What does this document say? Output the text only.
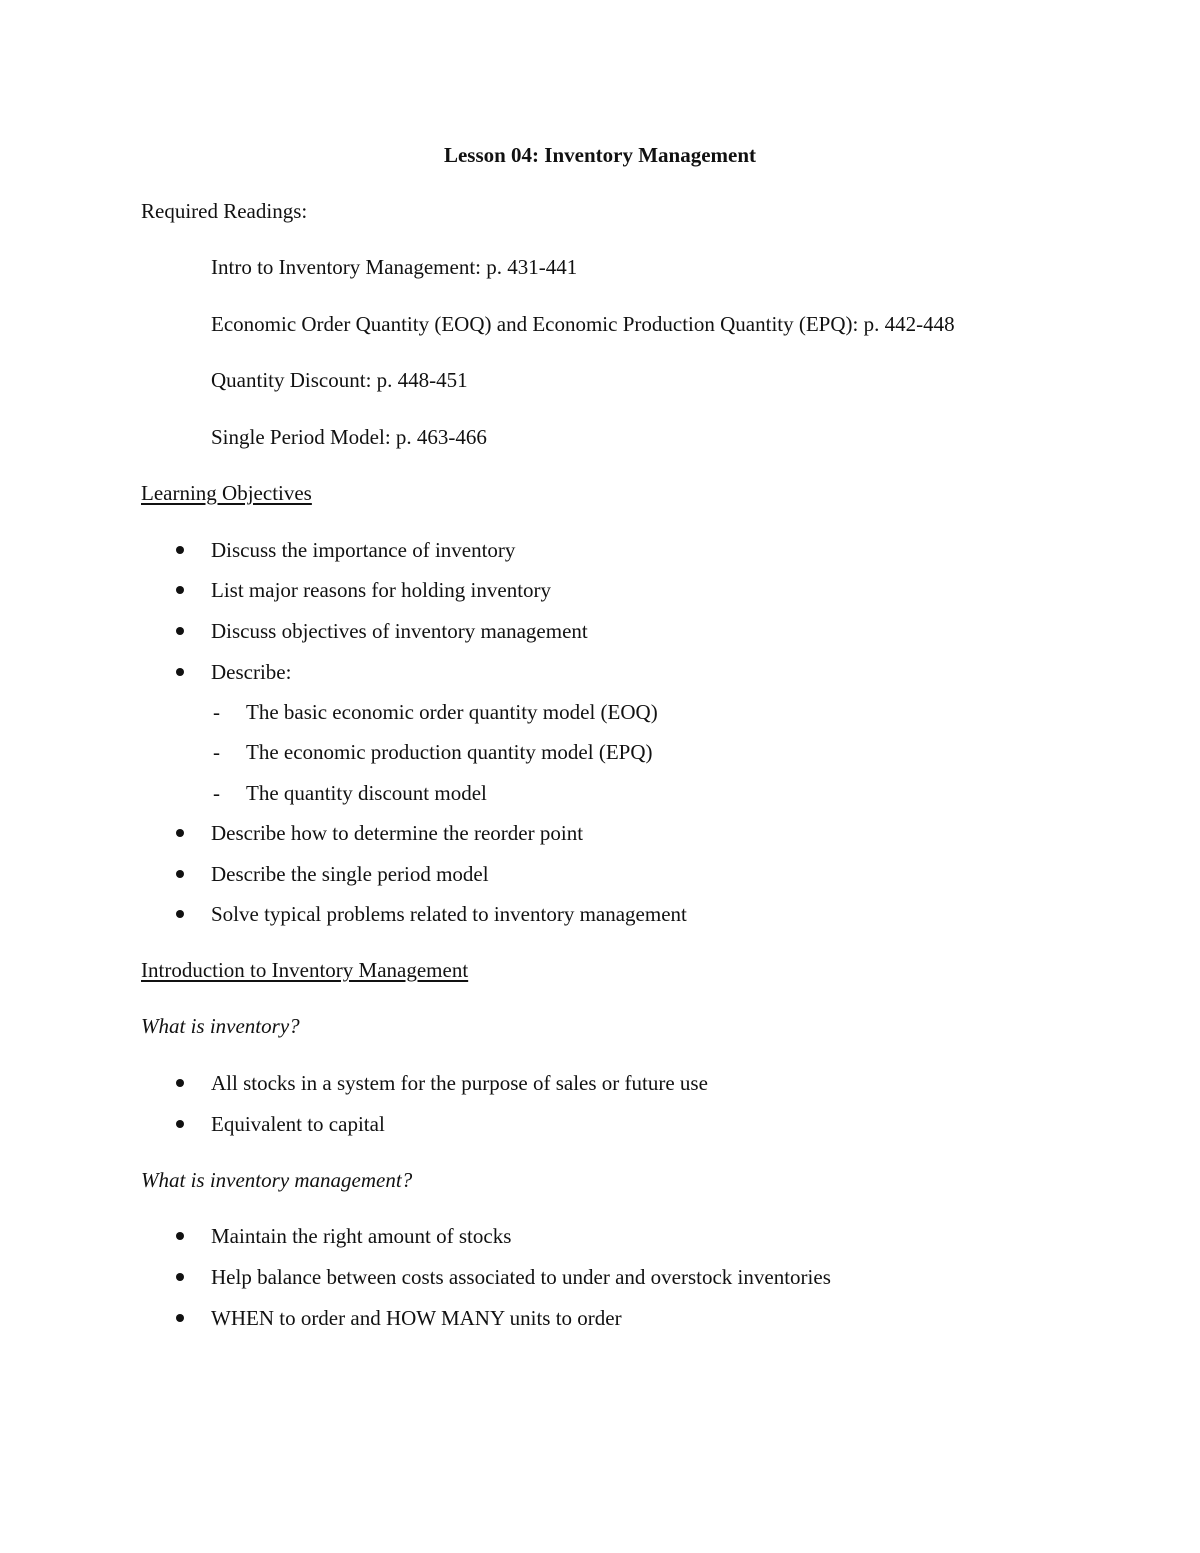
Lesson 04: Inventory Management
Required Readings:
Intro to Inventory Management: p. 431-441
Economic Order Quantity (EOQ) and Economic Production Quantity (EPQ): p. 442-448
Quantity Discount: p. 448-451
Single Period Model: p. 463-466
Learning Objectives
Discuss the importance of inventory
List major reasons for holding inventory
Discuss objectives of inventory management
Describe:
- The basic economic order quantity model (EOQ)
- The economic production quantity model (EPQ)
- The quantity discount model
Describe how to determine the reorder point
Describe the single period model
Solve typical problems related to inventory management
Introduction to Inventory Management
What is inventory?
All stocks in a system for the purpose of sales or future use
Equivalent to capital
What is inventory management?
Maintain the right amount of stocks
Help balance between costs associated to under and overstock inventories
WHEN to order and HOW MANY units to order
